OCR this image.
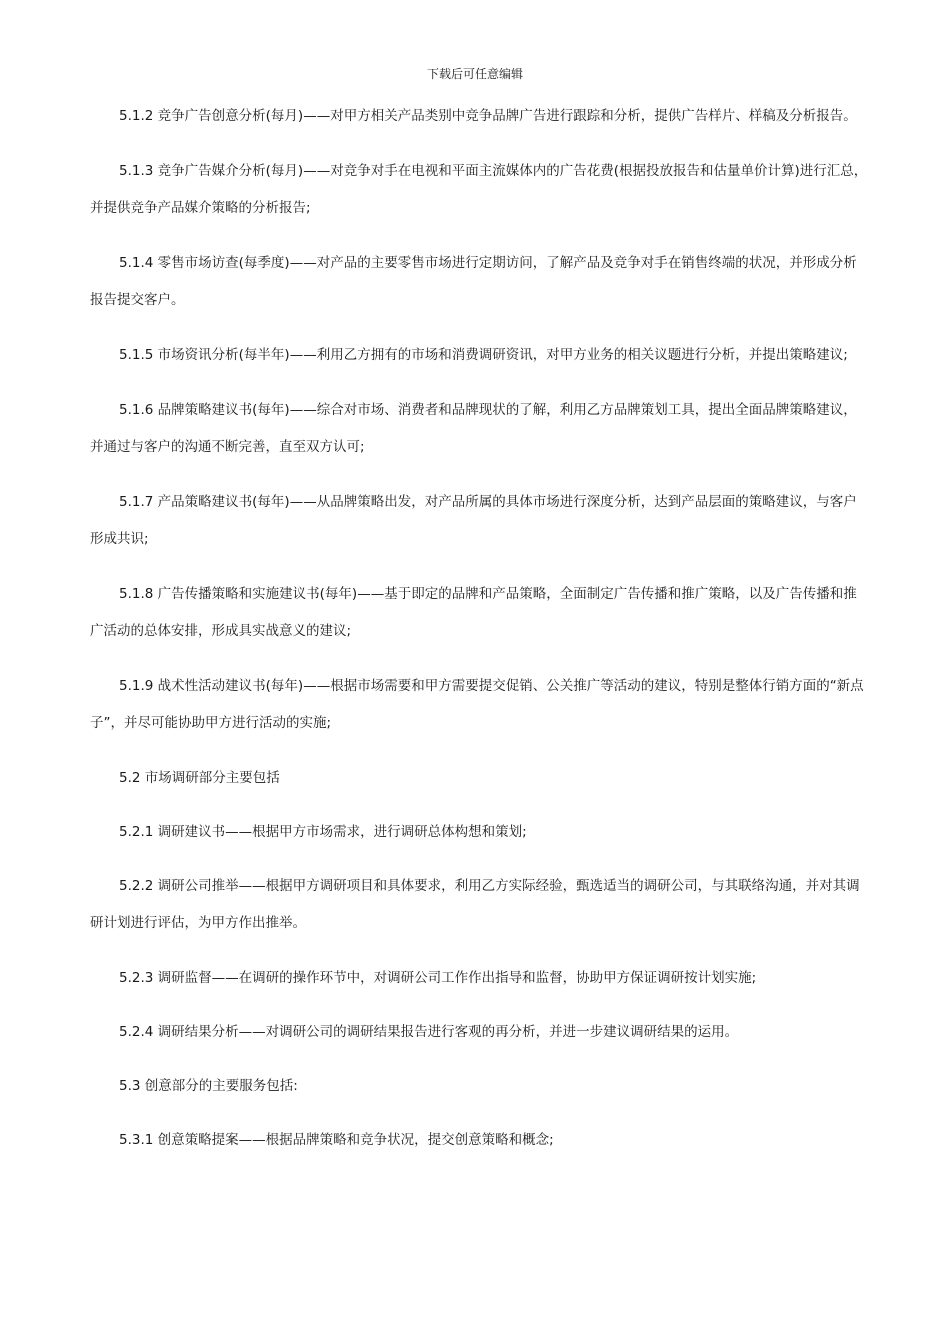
下载后可任意编辑

5.1.2 竞争广告创意分析(每月)——对甲方相关产品类别中竞争品牌广告进行跟踪和分析，提供广告样片、样稿及分析报告。

5.1.3 竞争广告媒介分析(每月)——对竞争对手在电视和平面主流媒体内的广告花费(根据投放报告和估量单价计算)进行汇总，并提供竞争产品媒介策略的分析报告;

5.1.4 零售市场访查(每季度)——对产品的主要零售市场进行定期访问，了解产品及竞争对手在销售终端的状况，并形成分析报告提交客户。

5.1.5 市场资讯分析(每半年)——利用乙方拥有的市场和消费调研资讯，对甲方业务的相关议题进行分析，并提出策略建议;

5.1.6 品牌策略建议书(每年)——综合对市场、消费者和品牌现状的了解，利用乙方品牌策划工具，提出全面品牌策略建议，并通过与客户的沟通不断完善，直至双方认可;

5.1.7 产品策略建议书(每年)——从品牌策略出发，对产品所属的具体市场进行深度分析，达到产品层面的策略建议，与客户形成共识;

5.1.8 广告传播策略和实施建议书(每年)——基于即定的品牌和产品策略，全面制定广告传播和推广策略，以及广告传播和推广活动的总体安排，形成具实战意义的建议;

5.1.9 战术性活动建议书(每年)——根据市场需要和甲方需要提交促销、公关推广等活动的建议，特别是整体行销方面的“新点子”，并尽可能协助甲方进行活动的实施;

5.2 市场调研部分主要包括

5.2.1 调研建议书——根据甲方市场需求，进行调研总体构想和策划;

5.2.2 调研公司推举——根据甲方调研项目和具体要求，利用乙方实际经验，甄选适当的调研公司，与其联络沟通，并对其调研计划进行评估，为甲方作出推举。

5.2.3 调研监督——在调研的操作环节中，对调研公司工作作出指导和监督，协助甲方保证调研按计划实施;

5.2.4 调研结果分析——对调研公司的调研结果报告进行客观的再分析，并进一步建议调研结果的运用。

5.3 创意部分的主要服务包括:

5.3.1 创意策略提案——根据品牌策略和竞争状况，提交创意策略和概念;
